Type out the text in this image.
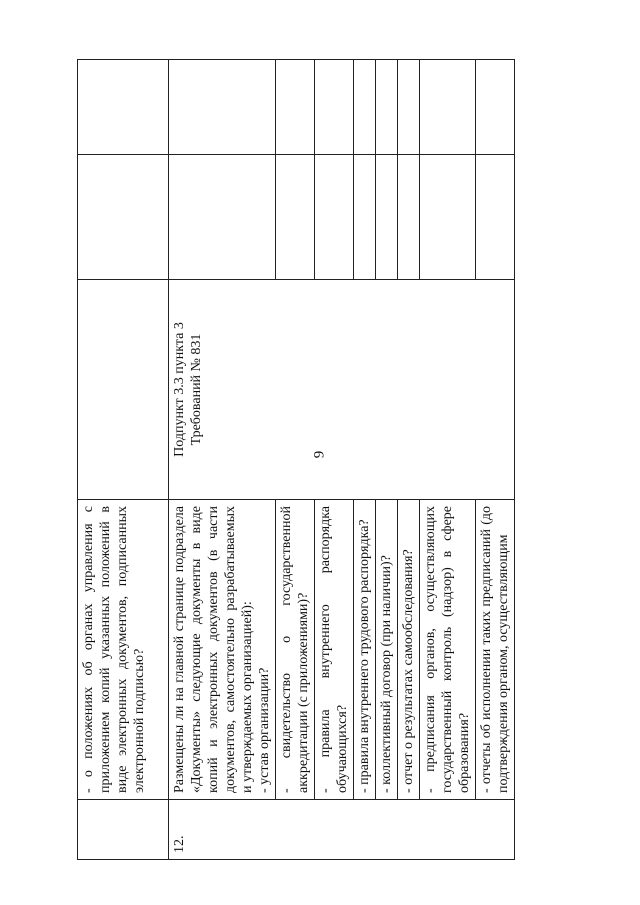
9
	- о положениях об органах управления с приложением копий указанных положений в виде электронных документов, подписанных электронной подписью?			
12.	Размещены ли на главной странице подраздела «Документы» следующие документы в виде копий и электронных документов (в части документов, самостоятельно разрабатываемых и утверждаемых организацией): - устав организации?	Подпункт 3.3 пункта 3 Требований № 831		
	- свидетельство о государственной аккредитации (с приложениями)?			
	- правила внутреннего распорядка обучающихся?			
	- правила внутреннего трудового распорядка?			
	- коллективный договор (при наличии)?			
	- отчет о результатах самообследования?			
	- предписания органов, осуществляющих государственный контроль (надзор) в сфере образования?			
	- отчеты об исполнении таких предписаний (до подтверждения органом, осуществляющим			
